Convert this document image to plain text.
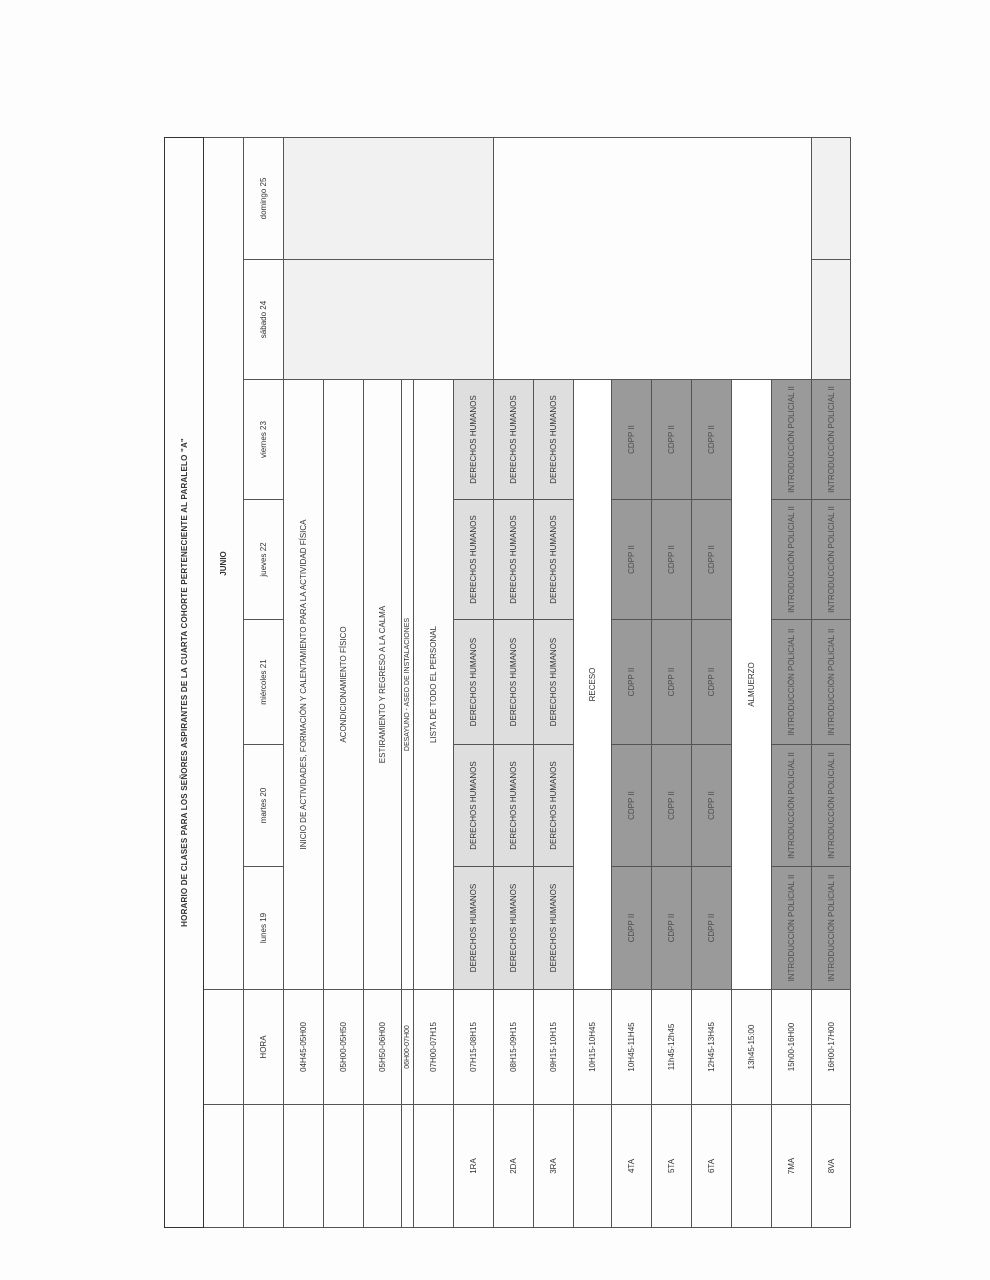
HORARIO DE CLASES PARA LOS SEÑORES ASPIRANTES DE LA CUARTA COHORTE PERTENECIENTE AL PARALELO "A"									
		JUNIO							
	HORA	lunes 19	martes 20	miércoles 21	jueves 22	viernes 23	sábado 24	domingo 25	
	04H45-05H00	INICIO DE ACTIVIDADES, FORMACIÓN Y CALENTAMIENTO PARA LA ACTIVIDAD FÍSICA							
	05H00-05H50	ACONDICIONAMIENTO FÍSICO							
	05H50-06H00	ESTIRAMIENTO Y REGRESO A LA CALMA							
	06H00-07H00	DESAYUNO - ASEO DE INSTALACIONES							
	07H00-07H15	LISTA DE TODO EL PERSONAL							
1RA	07H15-08H15	DERECHOS HUMANOS	DERECHOS HUMANOS	DERECHOS HUMANOS	DERECHOS HUMANOS	DERECHOS HUMANOS		
2DA	08H15-09H15	DERECHOS HUMANOS	DERECHOS HUMANOS	DERECHOS HUMANOS	DERECHOS HUMANOS	DERECHOS HUMANOS			
3RA	09H15-10H15	DERECHOS HUMANOS	DERECHOS HUMANOS	DERECHOS HUMANOS	DERECHOS HUMANOS	DERECHOS HUMANOS			
	10H15-10H45	RECESO							
4TA	10H45-11H45	CDPP II	CDPP II	CDPP II	CDPP II	CDPP II			
5TA	11h45-12h45	CDPP II	CDPP II	CDPP II	CDPP II	CDPP II			
6TA	12H45-13H45	CDPP II	CDPP II	CDPP II	CDPP II	CDPP II			
	13h45-15:00	ALMUERZO							
7MA	15h00-16H00	INTRODUCCIÓN POLICIAL II	INTRODUCCIÓN POLICIAL II	INTRODUCCIÓN POLICIAL II	INTRODUCCIÓN POLICIAL II	INTRODUCCIÓN POLICIAL II			
8VA	16H00-17H00	INTRODUCCIÓN POLICIAL II	INTRODUCCIÓN POLICIAL II	INTRODUCCIÓN POLICIAL II	INTRODUCCIÓN POLICIAL II	INTRODUCCIÓN POLICIAL II			
